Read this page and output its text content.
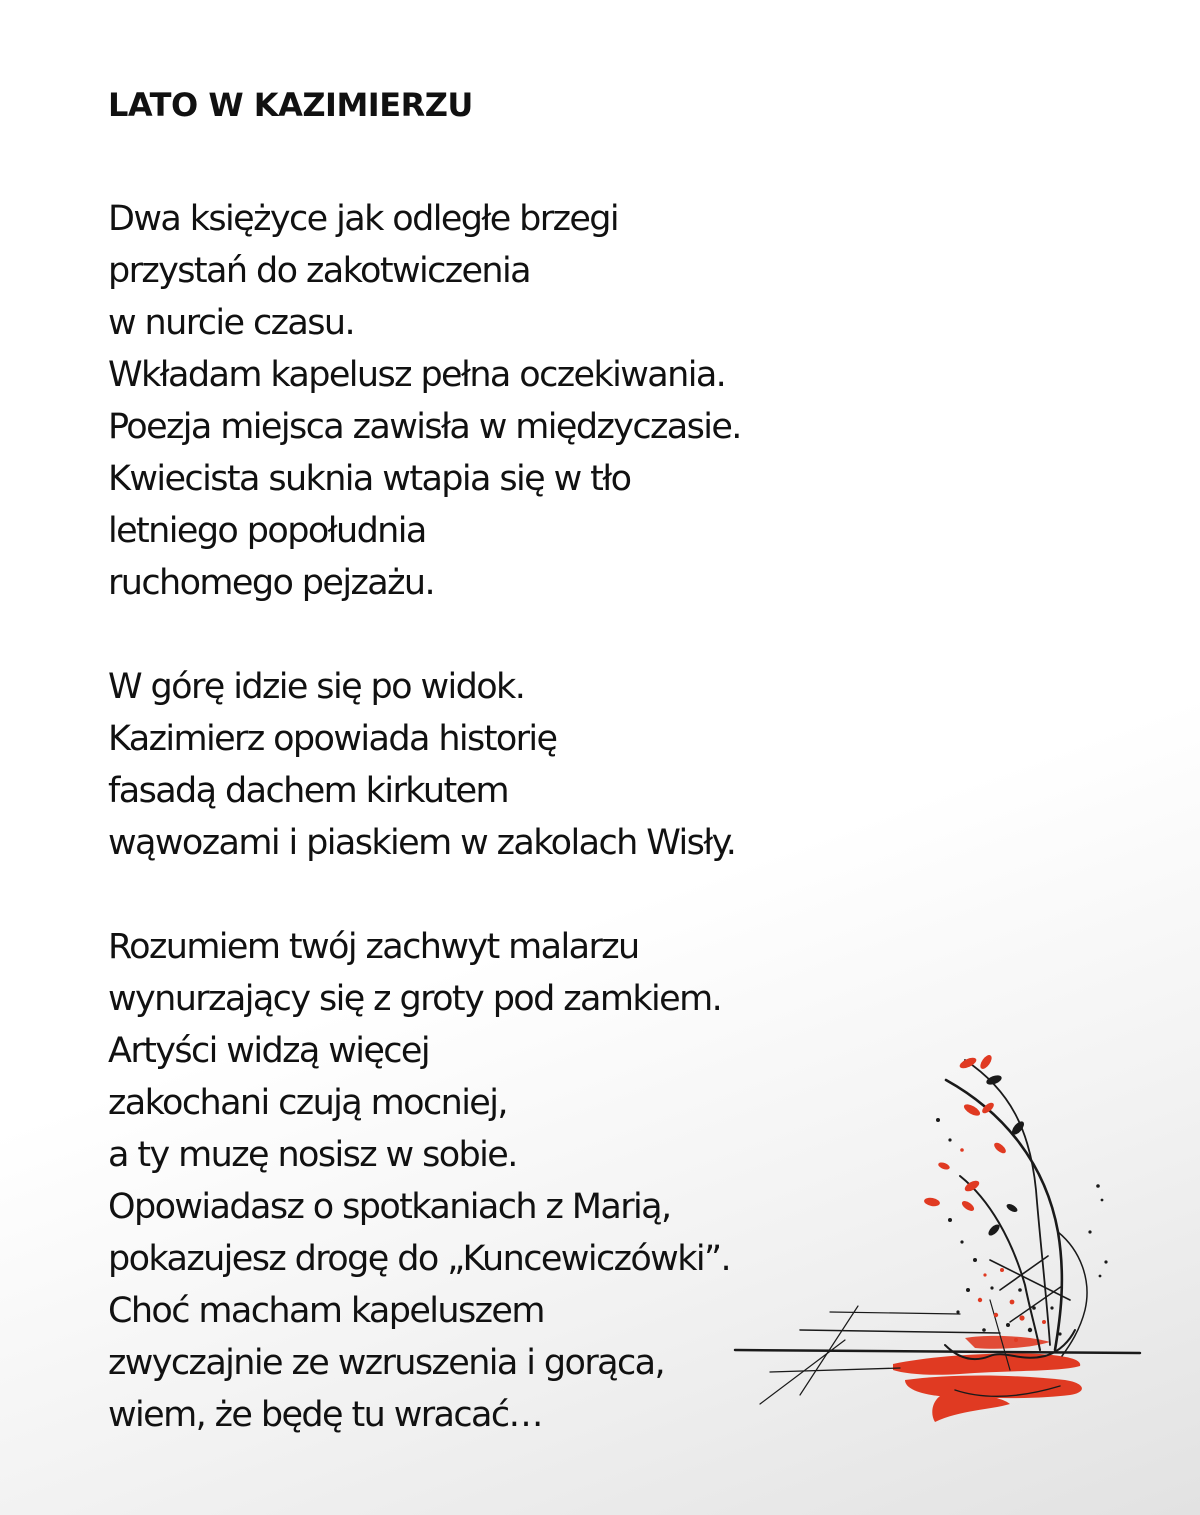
LATO W KAZIMIERZU
Dwa księżyce jak odległe brzegi
przystań do zakotwiczenia
w nurcie czasu.
Wkładam kapelusz pełna oczekiwania.
Poezja miejsca zawisła w międzyczasie.
Kwiecista suknia wtapia się w tło
letniego popołudnia
ruchomego pejzażu.
W górę idzie się po widok.
Kazimierz opowiada historię
fasadą dachem kirkutem
wąwozami i piaskiem w zakolach Wisły.
Rozumiem twój zachwyt malarzu
wynurzający się z groty pod zamkiem.
Artyści widzą więcej
zakochani czują mocniej,
a ty muzę nosisz w sobie.
Opowiadasz o spotkaniach z Marią,
pokazujesz drogę do „Kuncewiczówki”.
Choć macham kapeluszem
zwyczajnie ze wzruszenia i gorąca,
wiem, że będę tu wracać…
